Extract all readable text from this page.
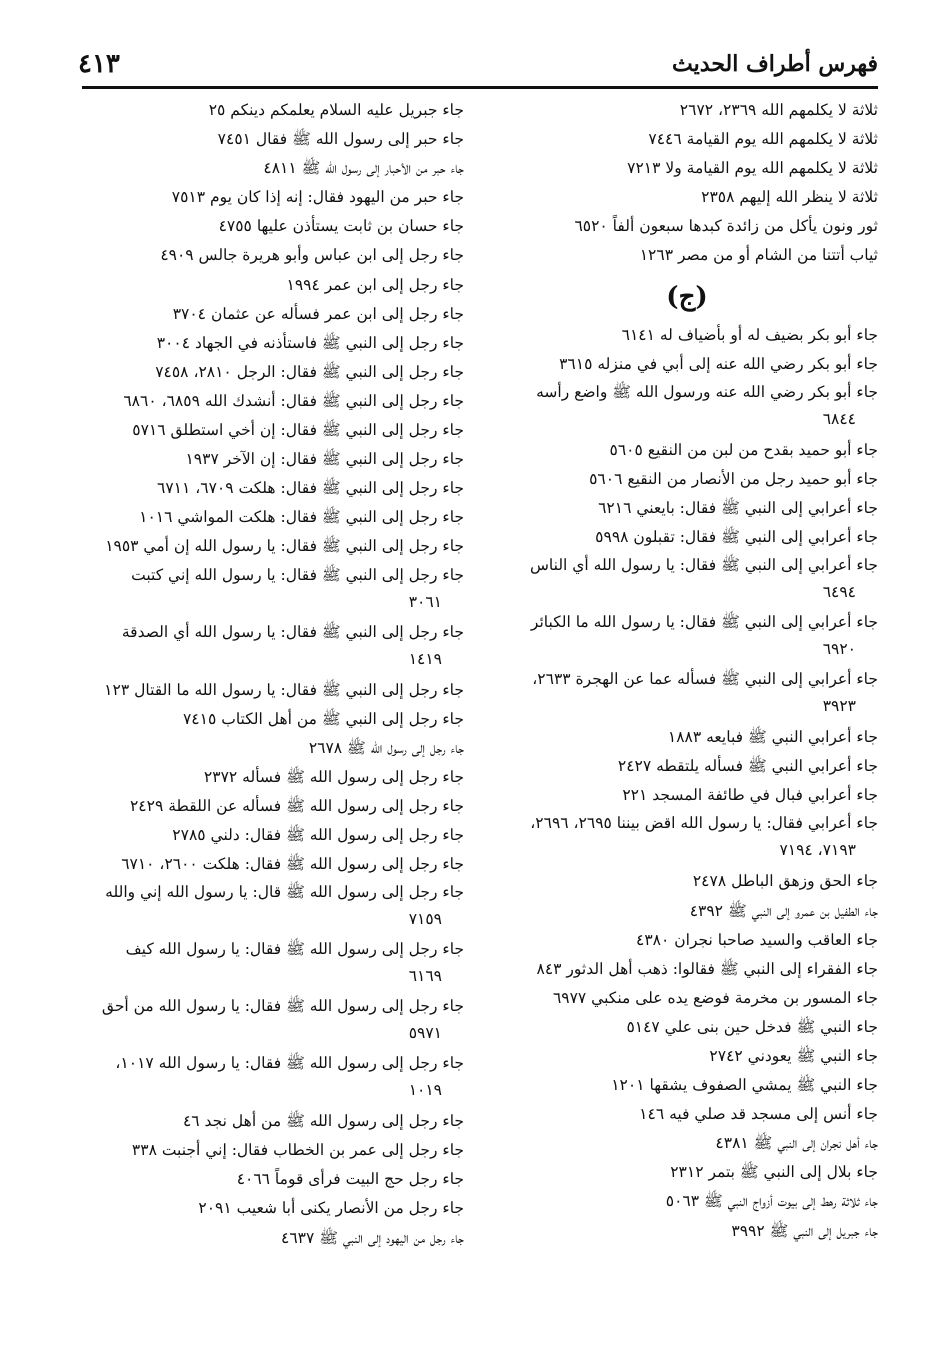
٤١٣	فهرس أطراف الحديث
ثلاثة لا يكلمهم الله ٢٣٦٩، ٢٦٧٢
ثلاثة لا يكلمهم الله يوم القيامة ٧٤٤٦
ثلاثة لا يكلمهم الله يوم القيامة ولا ٧٢١٣
ثلاثة لا ينظر الله إليهم ٢٣٥٨
ثور ونون يأكل من زائدة كبدها سبعون ألفاً ٦٥٢٠
ثياب أتتنا من الشام أو من مصر ١٢٦٣
(ج)
جاء أبو بكر بضيف له أو بأضياف له ٦١٤١
جاء أبو بكر رضي الله عنه إلى أبي في منزله ٣٦١٥
جاء أبو بكر رضي الله عنه ورسول الله ﷺ واضع رأسه
٦٨٤٤
جاء أبو حميد بقدح من لبن من النقيع ٥٦٠٥
جاء أبو حميد رجل من الأنصار من النقيع ٥٦٠٦
جاء أعرابي إلى النبي ﷺ فقال: بايعني ٦٢١٦
جاء أعرابي إلى النبي ﷺ فقال: تقبلون ٥٩٩٨
جاء أعرابي إلى النبي ﷺ فقال: يا رسول الله أي الناس
٦٤٩٤
جاء أعرابي إلى النبي ﷺ فقال: يا رسول الله ما الكبائر
٦٩٢٠
جاء أعرابي إلى النبي ﷺ فسأله عما عن الهجرة ٢٦٣٣،
٣٩٢٣
جاء أعرابي النبي ﷺ فبايعه ١٨٨٣
جاء أعرابي النبي ﷺ فسأله يلتقطه ٢٤٢٧
جاء أعرابي فبال في طائفة المسجد ٢٢١
جاء أعرابي فقال: يا رسول الله اقض بيننا ٢٦٩٥، ٢٦٩٦،
٧١٩٣، ٧١٩٤
جاء الحق وزهق الباطل ٢٤٧٨
جاء الطفيل بن عمرو إلى النبي ﷺ ٤٣٩٢
جاء العاقب والسيد صاحبا نجران ٤٣٨٠
جاء الفقراء إلى النبي ﷺ فقالوا: ذهب أهل الدثور ٨٤٣
جاء المسور بن مخرمة فوضع يده على منكبي ٦٩٧٧
جاء النبي ﷺ فدخل حين بنى علي ٥١٤٧
جاء النبي ﷺ يعودني ٢٧٤٢
جاء النبي ﷺ يمشي الصفوف يشقها ١٢٠١
جاء أنس إلى مسجد قد صلي فيه ١٤٦
جاء أهل نجران إلى النبي ﷺ ٤٣٨١
جاء بلال إلى النبي ﷺ بتمر ٢٣١٢
جاء ثلاثة رهط إلى بيوت أزواج النبي ﷺ ٥٠٦٣
جاء جبريل إلى النبي ﷺ ٣٩٩٢
جاء جبريل عليه السلام يعلمكم دينكم ٢٥
جاء حبر إلى رسول الله ﷺ فقال ٧٤٥١
جاء حبر من الأحبار إلى رسول الله ﷺ ٤٨١١
جاء حبر من اليهود فقال: إنه إذا كان يوم ٧٥١٣
جاء حسان بن ثابت يستأذن عليها ٤٧٥٥
جاء رجل إلى ابن عباس وأبو هريرة جالس ٤٩٠٩
جاء رجل إلى ابن عمر ١٩٩٤
جاء رجل إلى ابن عمر فسأله عن عثمان ٣٧٠٤
جاء رجل إلى النبي ﷺ فاستأذنه في الجهاد ٣٠٠٤
جاء رجل إلى النبي ﷺ فقال: الرجل ٢٨١٠، ٧٤٥٨
جاء رجل إلى النبي ﷺ فقال: أنشدك الله ٦٨٥٩، ٦٨٦٠
جاء رجل إلى النبي ﷺ فقال: إن أخي استطلق ٥٧١٦
جاء رجل إلى النبي ﷺ فقال: إن الآخر ١٩٣٧
جاء رجل إلى النبي ﷺ فقال: هلكت ٦٧٠٩، ٦٧١١
جاء رجل إلى النبي ﷺ فقال: هلكت المواشي ١٠١٦
جاء رجل إلى النبي ﷺ فقال: يا رسول الله إن أمي ١٩٥٣
جاء رجل إلى النبي ﷺ فقال: يا رسول الله إني كتبت
٣٠٦١
جاء رجل إلى النبي ﷺ فقال: يا رسول الله أي الصدقة
١٤١٩
جاء رجل إلى النبي ﷺ فقال: يا رسول الله ما القتال ١٢٣
جاء رجل إلى النبي ﷺ من أهل الكتاب ٧٤١٥
جاء رجل إلى رسول الله ﷺ ٢٦٧٨
جاء رجل إلى رسول الله ﷺ فسأله ٢٣٧٢
جاء رجل إلى رسول الله ﷺ فسأله عن اللقطة ٢٤٢٩
جاء رجل إلى رسول الله ﷺ فقال: دلني ٢٧٨٥
جاء رجل إلى رسول الله ﷺ فقال: هلكت ٢٦٠٠، ٦٧١٠
جاء رجل إلى رسول الله ﷺ قال: يا رسول الله إني والله
٧١٥٩
جاء رجل إلى رسول الله ﷺ فقال: يا رسول الله كيف
٦١٦٩
جاء رجل إلى رسول الله ﷺ فقال: يا رسول الله من أحق
٥٩٧١
جاء رجل إلى رسول الله ﷺ فقال: يا رسول الله ١٠١٧،
١٠١٩
جاء رجل إلى رسول الله ﷺ من أهل نجد ٤٦
جاء رجل إلى عمر بن الخطاب فقال: إني أجنبت ٣٣٨
جاء رجل حج البيت فرأى قوماً ٤٠٦٦
جاء رجل من الأنصار يكنى أبا شعيب ٢٠٩١
جاء رجل من اليهود إلى النبي ﷺ ٤٦٣٧
